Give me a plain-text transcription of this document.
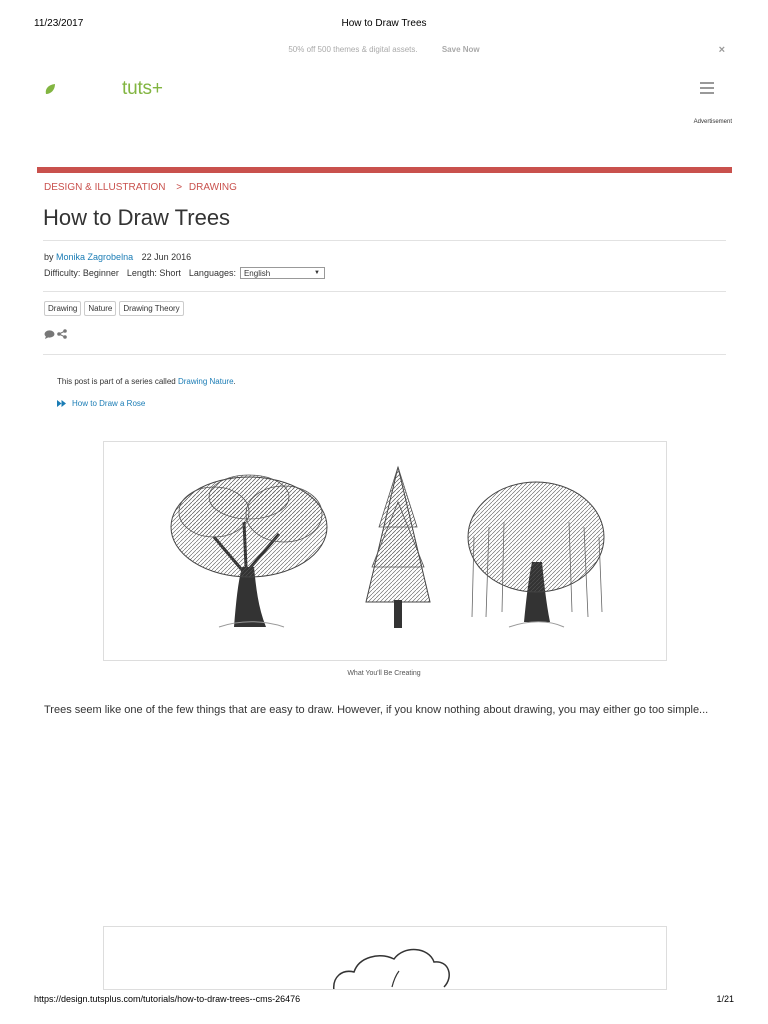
11/23/2017	How to Draw Trees
50% off 500 themes & digital assets.	Save Now	×
tuts+
Advertisement
DESIGN & ILLUSTRATION > DRAWING
How to Draw Trees
by Monika Zagrobelna 22 Jun 2016
Difficulty: Beginner Length: Short Languages: English	▼
Drawing	Nature	Drawing Theory
This post is part of a series called Drawing Nature.
How to Draw a Rose
What You'll Be Creating

Trees seem like one of the few things that are easy to draw. However, if you know nothing about drawing, you may either go too simple...

https://design.tutsplus.com/tutorials/how-to-draw-trees--cms-26476	1/21
